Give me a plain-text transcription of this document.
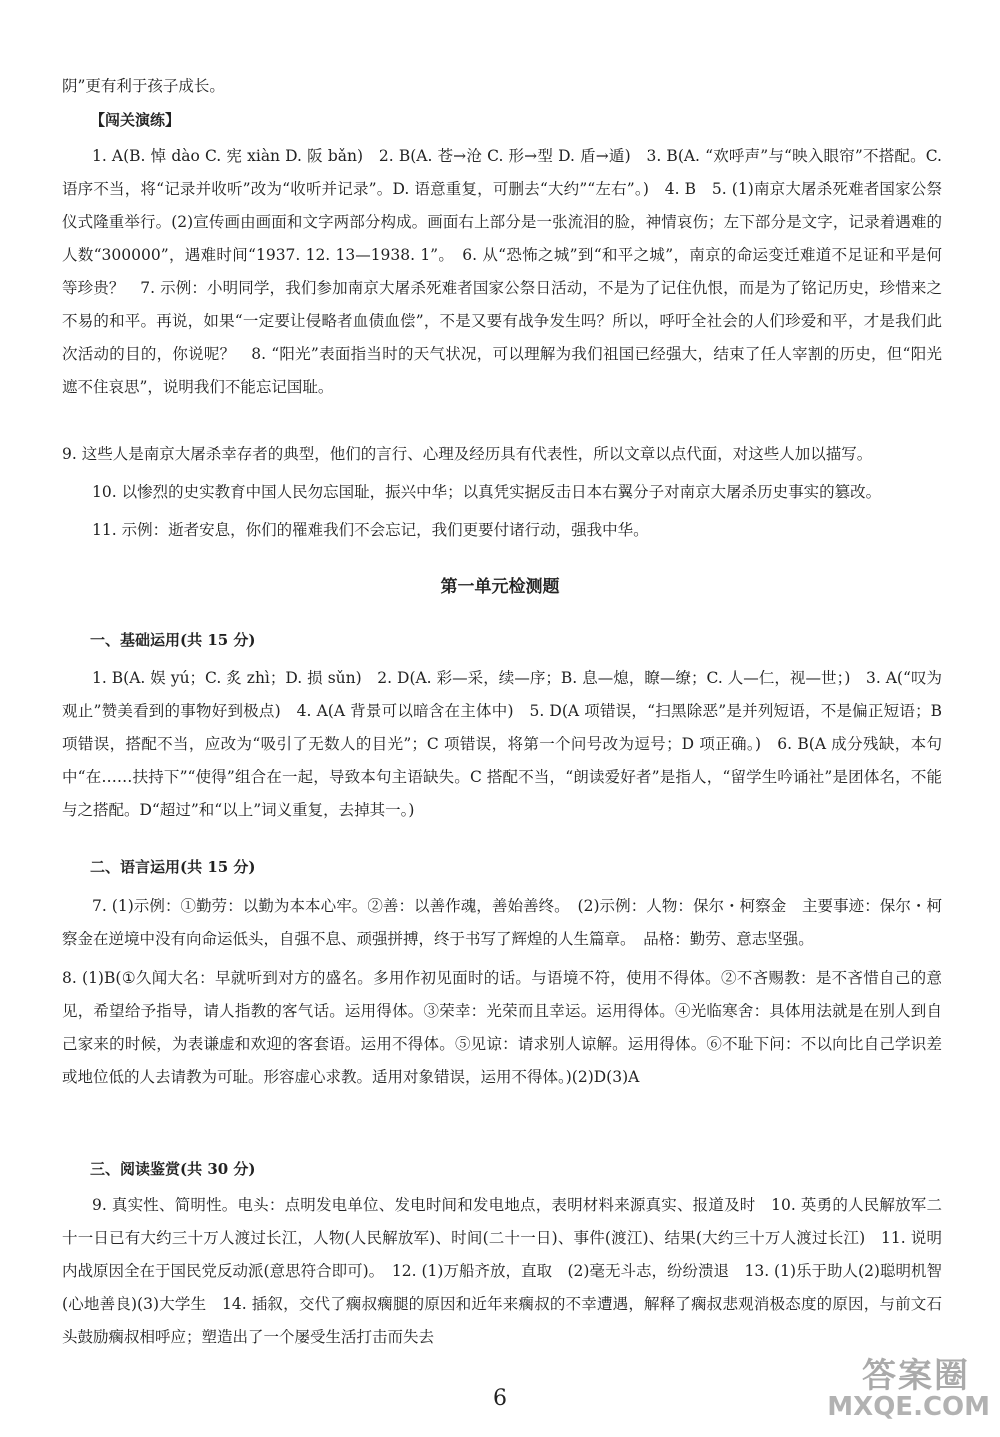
阴”更有利于孩子成长。

【闯关演练】

1. A(B. 悼 dào C. 宪 xiàn D. 阪 bǎn)　2. B(A. 苍→沧 C. 形→型 D. 盾→遁)　3. B(A. “欢呼声”与“映入眼帘”不搭配。C. 语序不当，将“记录并收听”改为“收听并记录”。D. 语意重复，可删去“大约”“左右”。)　4. B　5. (1)南京大屠杀死难者国家公祭仪式隆重举行。(2)宣传画由画面和文字两部分构成。画面右上部分是一张流泪的脸，神情哀伤；左下部分是文字，记录着遇难的人数“300000”，遇难时间“1937. 12. 13—1938. 1”。　6. 从“恐怖之城”到“和平之城”，南京的命运变迁难道不足证和平是何等珍贵？　7. 示例：小明同学，我们参加南京大屠杀死难者国家公祭日活动，不是为了记住仇恨，而是为了铭记历史，珍惜来之不易的和平。再说，如果“一定要让侵略者血债血偿”，不是又要有战争发生吗？所以，呼吁全社会的人们珍爱和平，才是我们此次活动的目的，你说呢？　8. “阳光”表面指当时的天气状况，可以理解为我们祖国已经强大，结束了任人宰割的历史，但“阳光遮不住哀思”，说明我们不能忘记国耻。

9. 这些人是南京大屠杀幸存者的典型，他们的言行、心理及经历具有代表性，所以文章以点代面，对这些人加以描写。

10. 以惨烈的史实教育中国人民勿忘国耻，振兴中华；以真凭实据反击日本右翼分子对南京大屠杀历史事实的篡改。

11. 示例：逝者安息，你们的罹难我们不会忘记，我们更要付诸行动，强我中华。

第一单元检测题

一、基础运用(共 15 分)

1. B(A. 娱 yú；C. 炙 zhì；D. 损 sǔn)　2. D(A. 彩—采，续—序；B. 息—熄，瞭—缭；C. 人—仁，视—世；)　3. A(“叹为观止”赞美看到的事物好到极点)　4. A(A 背景可以暗含在主体中)　5. D(A 项错误，“扫黑除恶”是并列短语，不是偏正短语；B 项错误，搭配不当，应改为“吸引了无数人的目光”；C 项错误，将第一个问号改为逗号；D 项正确。)　6. B(A 成分残缺，本句中“在……扶持下”“使得”组合在一起，导致本句主语缺失。C 搭配不当，“朗读爱好者”是指人，“留学生吟诵社”是团体名，不能与之搭配。D“超过”和“以上”词义重复，去掉其一。)

二、语言运用(共 15 分)

7. (1)示例：①勤劳：以勤为本本心牢。②善：以善作魂，善始善终。　(2)示例：人物：保尔・柯察金　主要事迹：保尔・柯察金在逆境中没有向命运低头，自强不息、顽强拼搏，终于书写了辉煌的人生篇章。　品格：勤劳、意志坚强。

8. (1)B(①久闻大名：早就听到对方的盛名。多用作初见面时的话。与语境不符，使用不得体。②不吝赐教：是不吝惜自己的意见，希望给予指导，请人指教的客气话。运用得体。③荣幸：光荣而且幸运。运用得体。④光临寒舍：具体用法就是在别人到自己家来的时候，为表谦虚和欢迎的客套语。运用不得体。⑤见谅：请求别人谅解。运用得体。⑥不耻下问：不以向比自己学识差或地位低的人去请教为可耻。形容虚心求教。适用对象错误，运用不得体。)(2)D(3)A

三、阅读鉴赏(共 30 分)

9. 真实性、简明性。电头：点明发电单位、发电时间和发电地点，表明材料来源真实、报道及时　10. 英勇的人民解放军二十一日已有大约三十万人渡过长江，人物(人民解放军)、时间(二十一日)、事件(渡江)、结果(大约三十万人渡过长江)　11. 说明内战原因全在于国民党反动派(意思符合即可)。　12. (1)万船齐放，直取　(2)毫无斗志，纷纷溃退　13. (1)乐于助人(2)聪明机智(心地善良)(3)大学生　14. 插叙，交代了瘸叔瘸腿的原因和近年来瘸叔的不幸遭遇，解释了瘸叔悲观消极态度的原因，与前文石头鼓励瘸叔相呼应；塑造出了一个屡受生活打击而失去

6

答案圈
MXQE.COM
